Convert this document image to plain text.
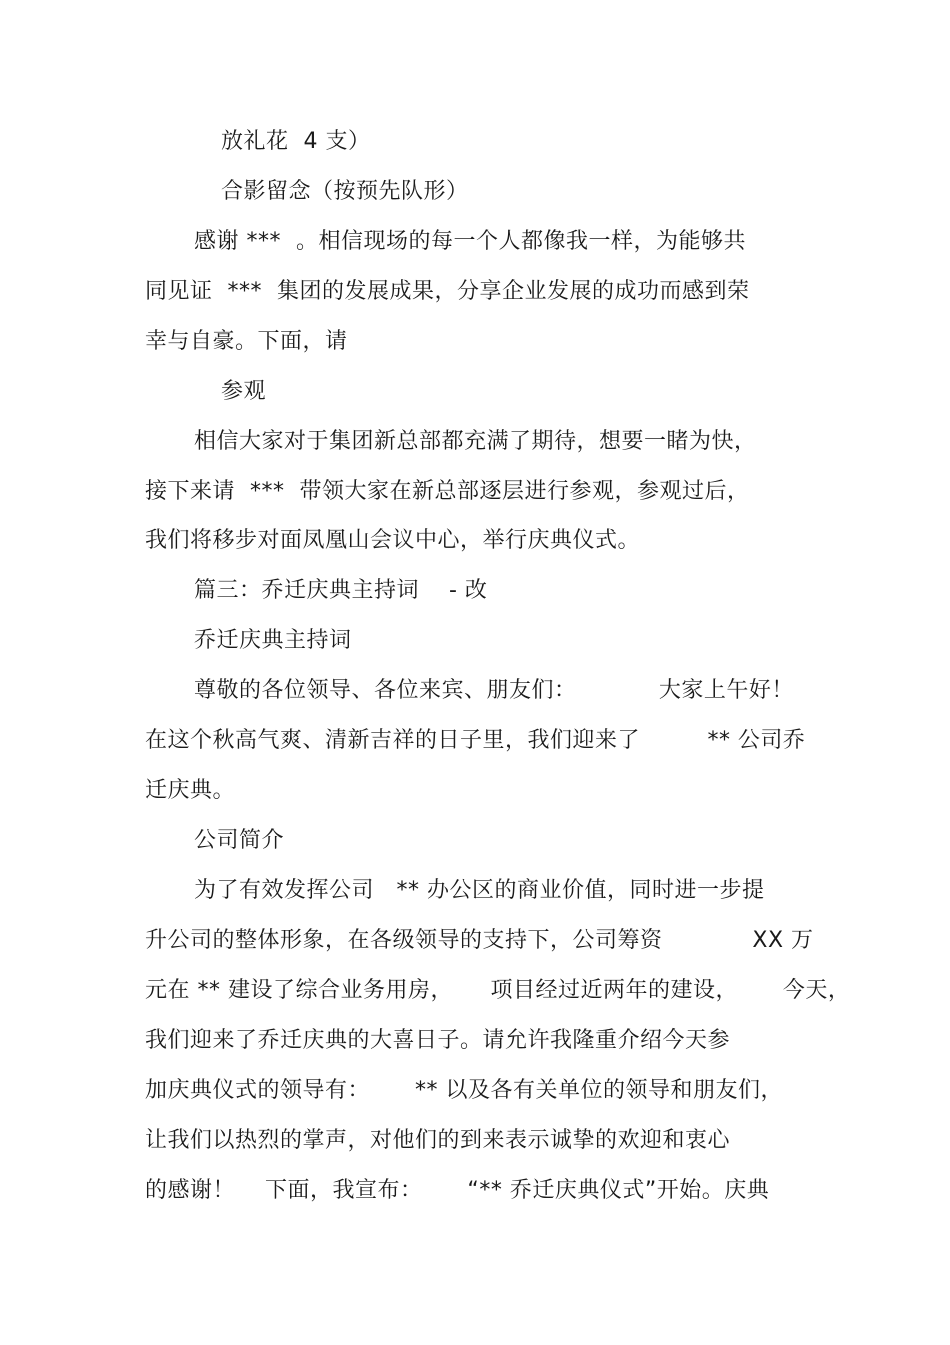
放礼花  4 支）
合影留念（按预先队形）
感谢 ***  。相信现场的每一个人都像我一样，为能够共
同见证  ***  集团的发展成果，分享企业发展的成功而感到荣
幸与自豪。下面，请
参观
相信大家对于集团新总部都充满了期待，想要一睹为快，
接下来请  ***  带领大家在新总部逐层进行参观，参观过后，
我们将移步对面凤凰山会议中心，举行庆典仪式。
篇三：乔迁庆典主持词    - 改
乔迁庆典主持词
尊敬的各位领导、各位来宾、朋友们：           大家上午好！
在这个秋高气爽、清新吉祥的日子里，我们迎来了         ** 公司乔
迁庆典。
公司简介
为了有效发挥公司   ** 办公区的商业价值，同时进一步提
升公司的整体形象，在各级领导的支持下，公司筹资            XX 万
元在 ** 建设了综合业务用房，     项目经过近两年的建设，      今天，
我们迎来了乔迁庆典的大喜日子。请允许我隆重介绍今天参
加庆典仪式的领导有：      ** 以及各有关单位的领导和朋友们，
让我们以热烈的掌声，对他们的到来表示诚挚的欢迎和衷心
的感谢！    下面，我宣布：      “** 乔迁庆典仪式”开始。庆典
